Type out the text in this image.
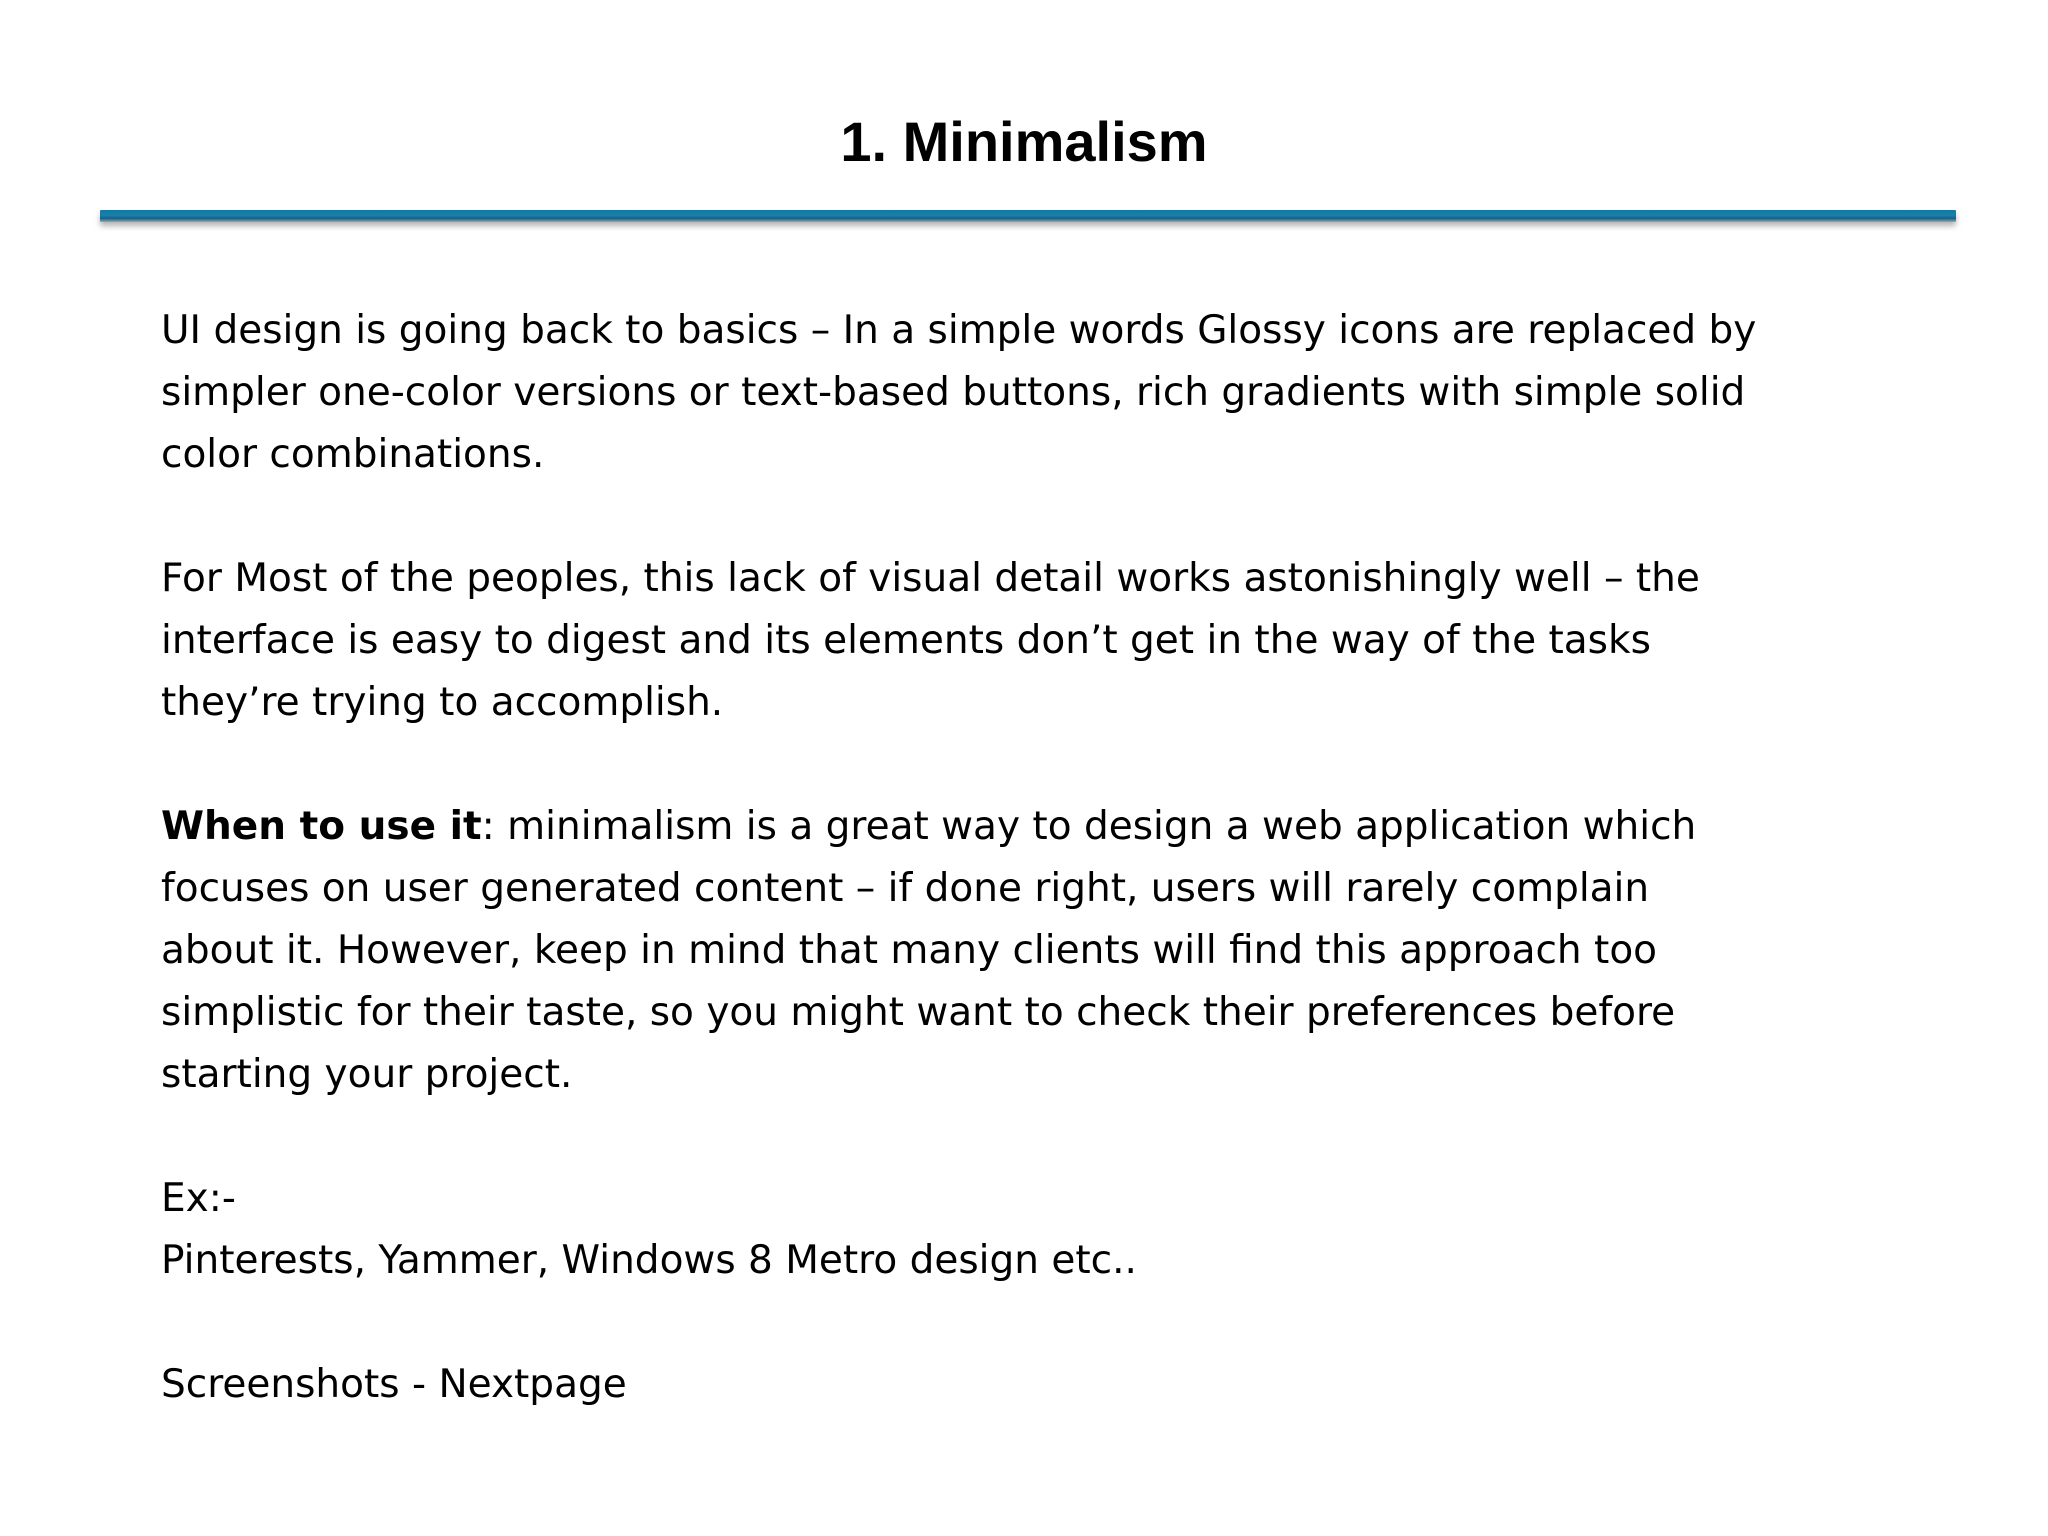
1. Minimalism

UI design is going back to basics – In a simple words Glossy icons are replaced by
simpler one-color versions or text-based buttons, rich gradients with simple solid
color combinations.

For Most of the peoples, this lack of visual detail works astonishingly well – the
interface is easy to digest and its elements don’t get in the way of the tasks
they’re trying to accomplish.

When to use it: minimalism is a great way to design a web application which
focuses on user generated content – if done right, users will rarely complain
about it. However, keep in mind that many clients will find this approach too
simplistic for their taste, so you might want to check their preferences before
starting your project.

Ex:-
Pinterests, Yammer, Windows 8 Metro design etc..

Screenshots - Nextpage
